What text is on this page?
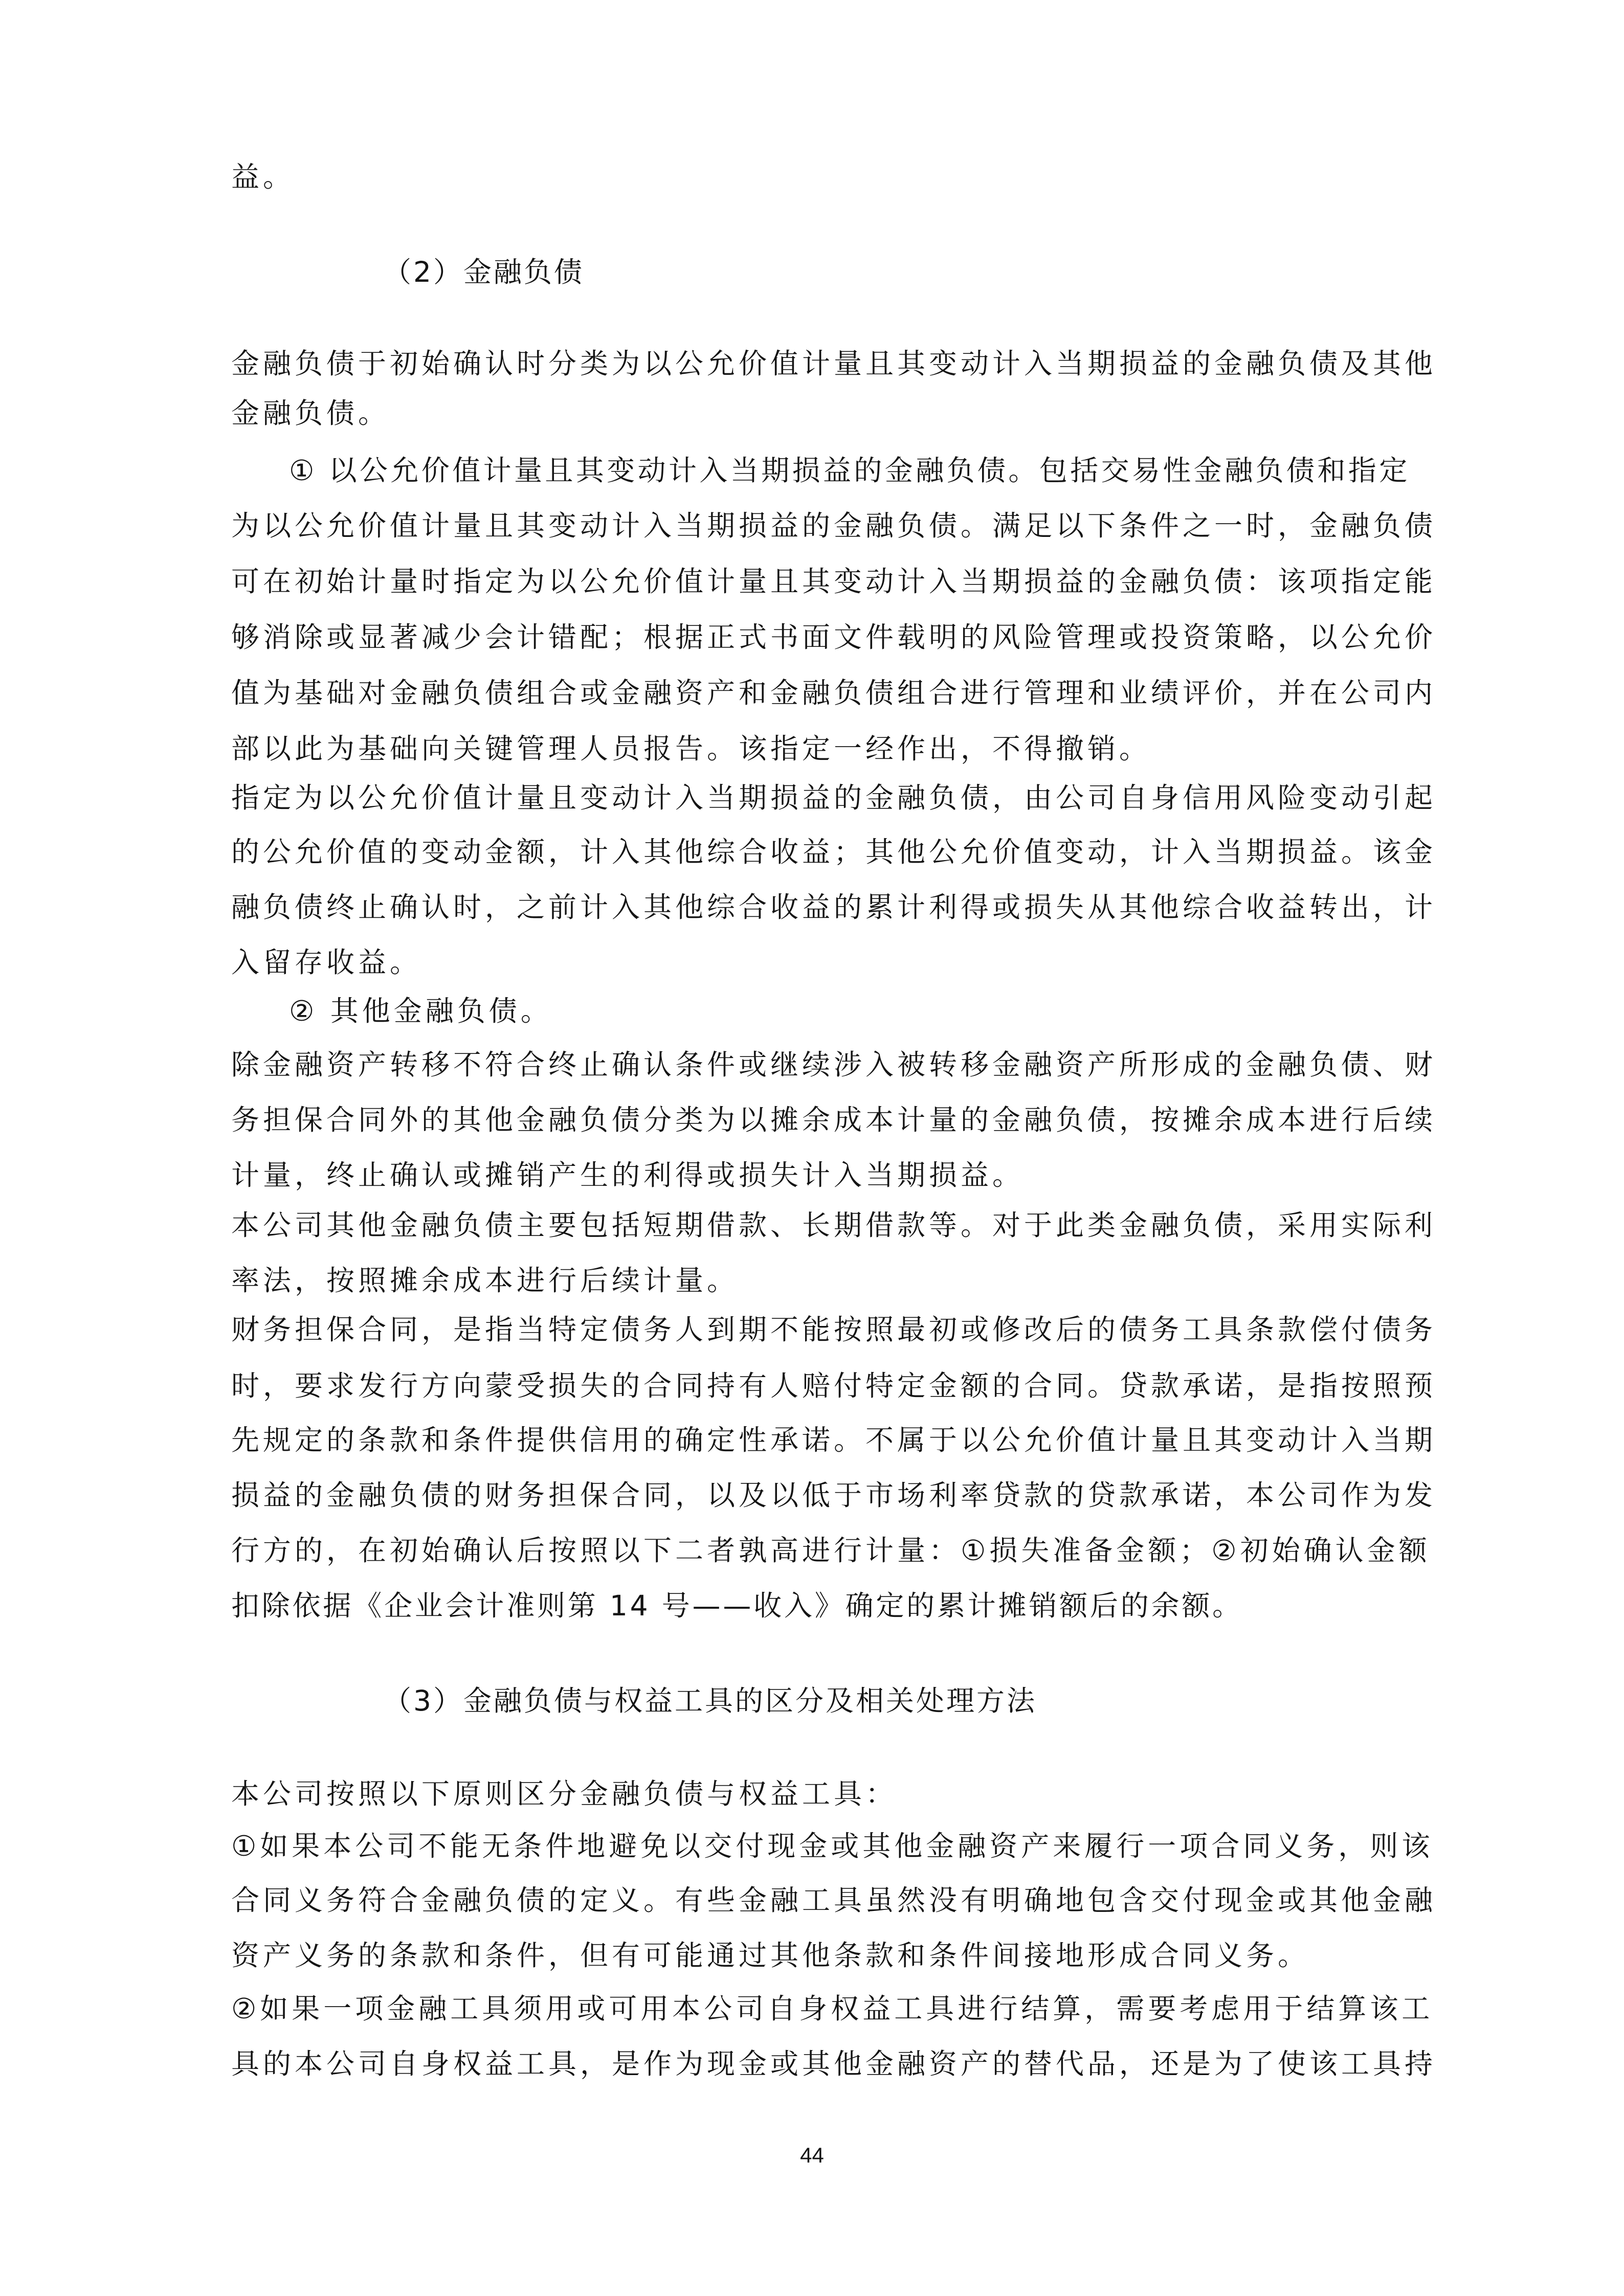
益。
（2）金融负债
金融负债于初始确认时分类为以公允价值计量且其变动计入当期损益的金融负债及其他
金融负债。
① 以公允价值计量且其变动计入当期损益的金融负债。包括交易性金融负债和指定
为以公允价值计量且其变动计入当期损益的金融负债。满足以下条件之一时，金融负债
可在初始计量时指定为以公允价值计量且其变动计入当期损益的金融负债：该项指定能
够消除或显著减少会计错配；根据正式书面文件载明的风险管理或投资策略，以公允价
值为基础对金融负债组合或金融资产和金融负债组合进行管理和业绩评价，并在公司内
部以此为基础向关键管理人员报告。该指定一经作出，不得撤销。
指定为以公允价值计量且变动计入当期损益的金融负债，由公司自身信用风险变动引起
的公允价值的变动金额，计入其他综合收益；其他公允价值变动，计入当期损益。该金
融负债终止确认时，之前计入其他综合收益的累计利得或损失从其他综合收益转出，计
入留存收益。
② 其他金融负债。
除金融资产转移不符合终止确认条件或继续涉入被转移金融资产所形成的金融负债、财
务担保合同外的其他金融负债分类为以摊余成本计量的金融负债，按摊余成本进行后续
计量，终止确认或摊销产生的利得或损失计入当期损益。
本公司其他金融负债主要包括短期借款、长期借款等。对于此类金融负债，采用实际利
率法，按照摊余成本进行后续计量。
财务担保合同，是指当特定债务人到期不能按照最初或修改后的债务工具条款偿付债务
时，要求发行方向蒙受损失的合同持有人赔付特定金额的合同。贷款承诺，是指按照预
先规定的条款和条件提供信用的确定性承诺。不属于以公允价值计量且其变动计入当期
损益的金融负债的财务担保合同，以及以低于市场利率贷款的贷款承诺，本公司作为发
行方的，在初始确认后按照以下二者孰高进行计量：①损失准备金额；②初始确认金额
扣除依据《企业会计准则第 14 号——收入》确定的累计摊销额后的余额。
（3）金融负债与权益工具的区分及相关处理方法
本公司按照以下原则区分金融负债与权益工具：
①如果本公司不能无条件地避免以交付现金或其他金融资产来履行一项合同义务，则该
合同义务符合金融负债的定义。有些金融工具虽然没有明确地包含交付现金或其他金融
资产义务的条款和条件，但有可能通过其他条款和条件间接地形成合同义务。
②如果一项金融工具须用或可用本公司自身权益工具进行结算，需要考虑用于结算该工
具的本公司自身权益工具，是作为现金或其他金融资产的替代品，还是为了使该工具持
44
